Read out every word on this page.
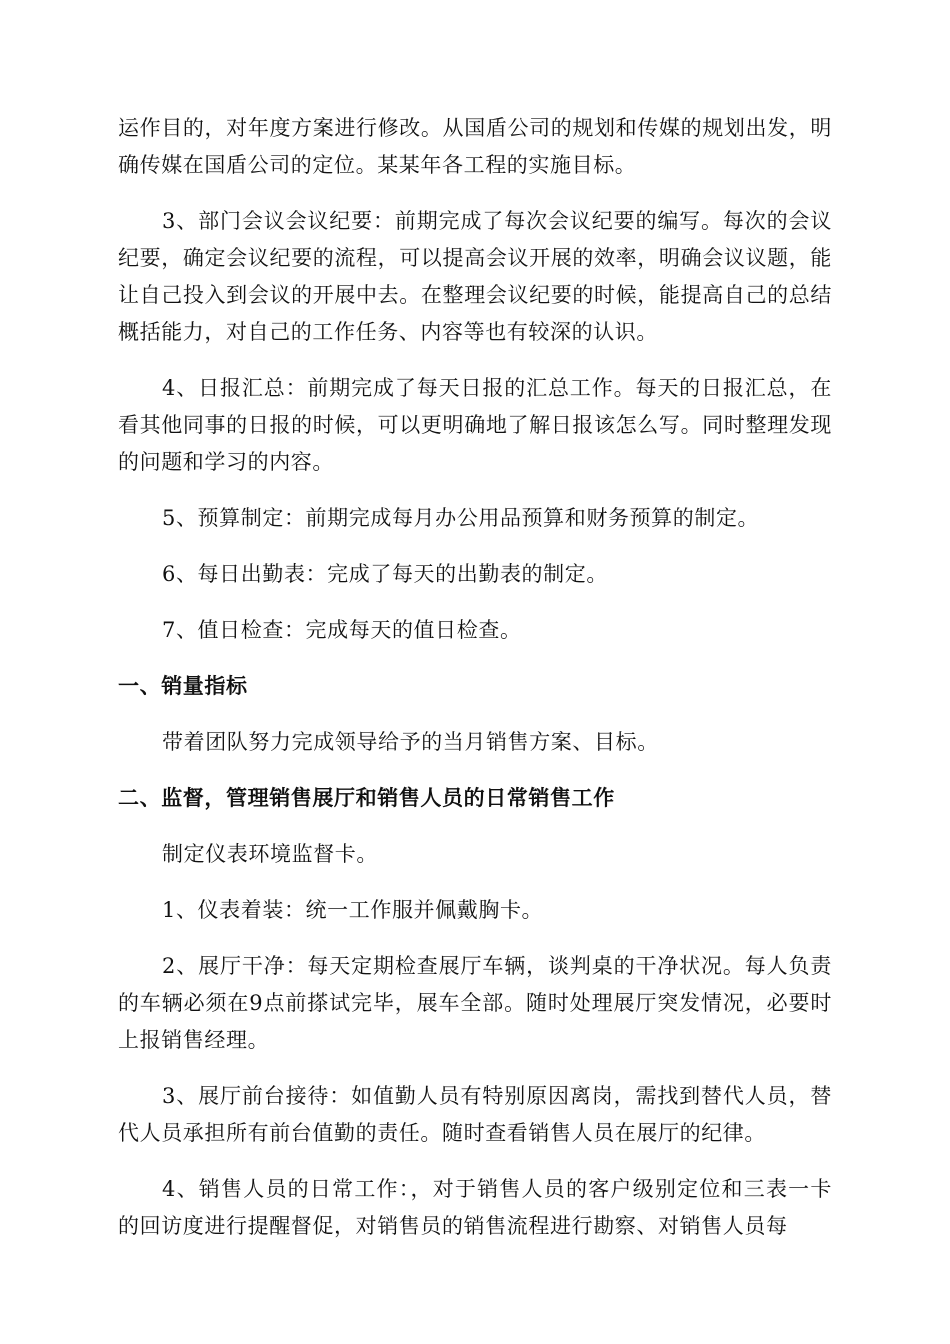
运作目的，对年度方案进行修改。从国盾公司的规划和传媒的规划出发，明确传媒在国盾公司的定位。某某年各工程的实施目标。

3、部门会议会议纪要：前期完成了每次会议纪要的编写。每次的会议纪要，确定会议纪要的流程，可以提高会议开展的效率，明确会议议题，能让自己投入到会议的开展中去。在整理会议纪要的时候，能提高自己的总结概括能力，对自己的工作任务、内容等也有较深的认识。

4、日报汇总：前期完成了每天日报的汇总工作。每天的日报汇总，在看其他同事的日报的时候，可以更明确地了解日报该怎么写。同时整理发现的问题和学习的内容。

5、预算制定：前期完成每月办公用品预算和财务预算的制定。

6、每日出勤表：完成了每天的出勤表的制定。

7、值日检查：完成每天的值日检查。

一、销量指标

带着团队努力完成领导给予的当月销售方案、目标。

二、监督，管理销售展厅和销售人员的日常销售工作

制定仪表环境监督卡。

1、仪表着装：统一工作服并佩戴胸卡。

2、展厅干净：每天定期检查展厅车辆，谈判桌的干净状况。每人负责的车辆必须在9点前搽试完毕，展车全部。随时处理展厅突发情况，必要时上报销售经理。

3、展厅前台接待：如值勤人员有特别原因离岗，需找到替代人员，替代人员承担所有前台值勤的责任。随时查看销售人员在展厅的纪律。

4、销售人员的日常工作：，对于销售人员的客户级别定位和三表一卡的回访度进行提醒督促，对销售员的销售流程进行勘察、对销售人员每
